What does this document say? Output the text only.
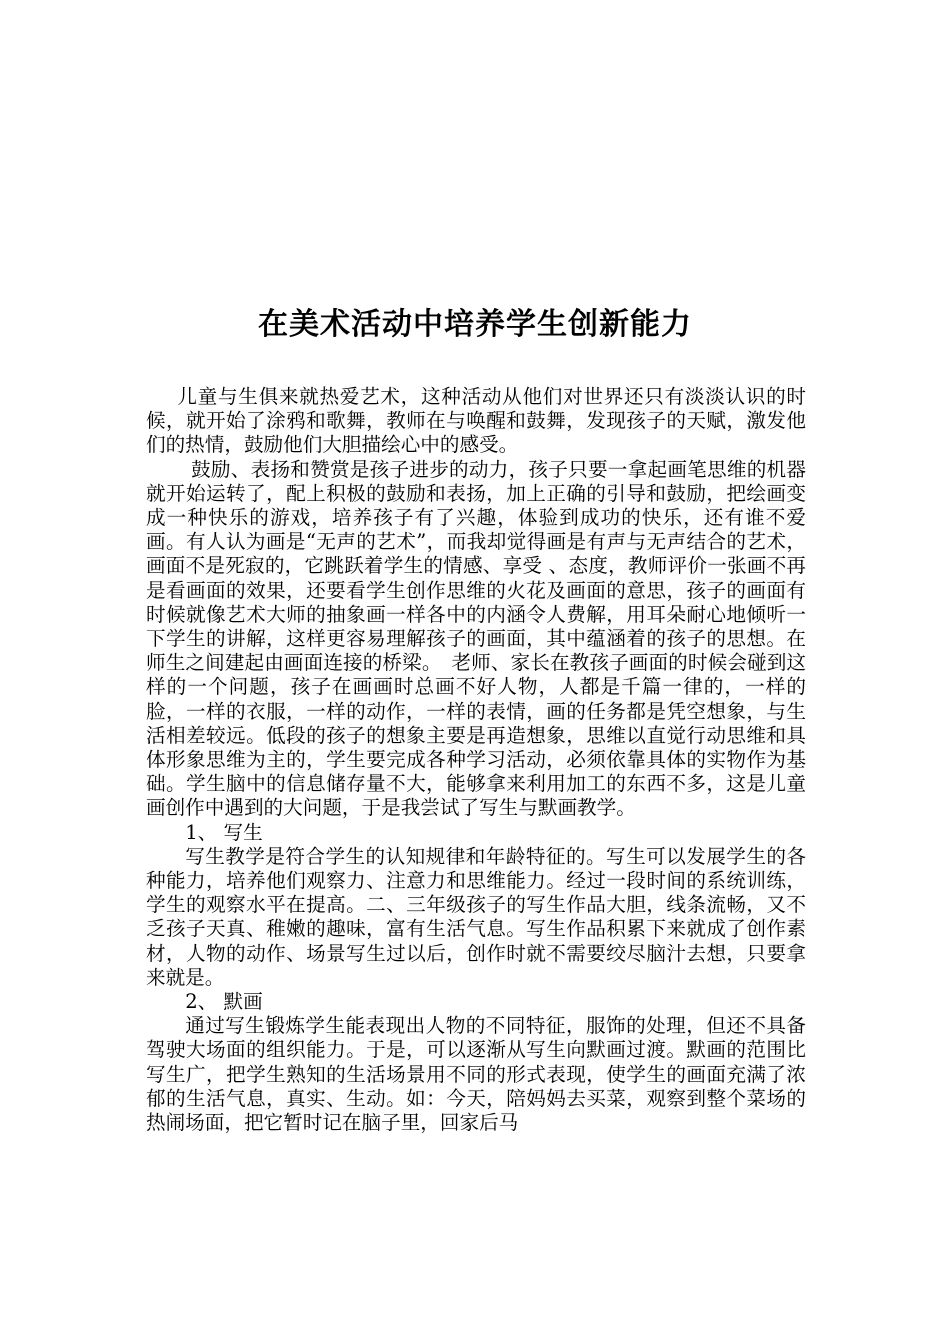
在美术活动中培养学生创新能力

儿童与生俱来就热爱艺术，这种活动从他们对世界还只有淡淡认识的时候，就开始了涂鸦和歌舞，教师在与唤醒和鼓舞，发现孩子的天赋，激发他们的热情，鼓励他们大胆描绘心中的感受。

鼓励、表扬和赞赏是孩子进步的动力，孩子只要一拿起画笔思维的机器就开始运转了，配上积极的鼓励和表扬，加上正确的引导和鼓励，把绘画变成一种快乐的游戏，培养孩子有了兴趣，体验到成功的快乐，还有谁不爱画。有人认为画是“无声的艺术”，而我却觉得画是有声与无声结合的艺术，画面不是死寂的，它跳跃着学生的情感、享受 、态度，教师评价一张画不再是看画面的效果，还要看学生创作思维的火花及画面的意思，孩子的画面有时候就像艺术大师的抽象画一样各中的内涵令人费解，用耳朵耐心地倾听一下学生的讲解，这样更容易理解孩子的画面，其中蕴涵着的孩子的思想。在师生之间建起由画面连接的桥梁。　老师、家长在教孩子画面的时候会碰到这样的一个问题，孩子在画画时总画不好人物，人都是千篇一律的，一样的脸，一样的衣服，一样的动作，一样的表情，画的任务都是凭空想象，与生活相差较远。低段的孩子的想象主要是再造想象，思维以直觉行动思维和具体形象思维为主的，学生要完成各种学习活动，必须依靠具体的实物作为基础。学生脑中的信息储存量不大，能够拿来利用加工的东西不多，这是儿童画创作中遇到的大问题，于是我尝试了写生与默画教学。

1、 写生

写生教学是符合学生的认知规律和年龄特征的。写生可以发展学生的各种能力，培养他们观察力、注意力和思维能力。经过一段时间的系统训练，学生的观察水平在提高。二、三年级孩子的写生作品大胆，线条流畅，又不乏孩子天真、稚嫩的趣味，富有生活气息。写生作品积累下来就成了创作素材，人物的动作、场景写生过以后，创作时就不需要绞尽脑汁去想，只要拿来就是。

2、 默画

通过写生锻炼学生能表现出人物的不同特征，服饰的处理，但还不具备驾驶大场面的组织能力。于是，可以逐渐从写生向默画过渡。默画的范围比写生广，把学生熟知的生活场景用不同的形式表现，使学生的画面充满了浓郁的生活气息，真实、生动。如：今天，陪妈妈去买菜，观察到整个菜场的热闹场面，把它暂时记在脑子里，回家后马
